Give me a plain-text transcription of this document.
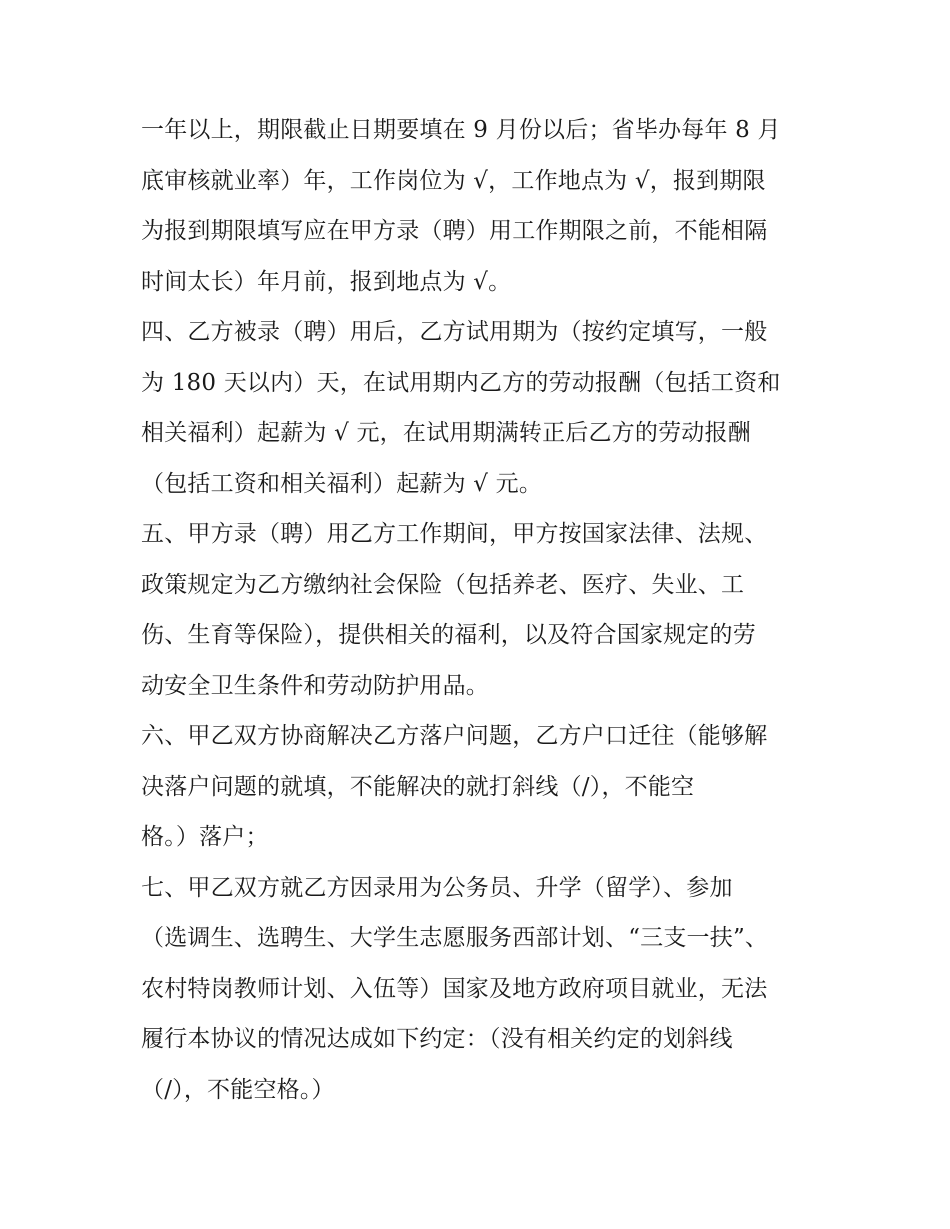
一年以上，期限截止日期要填在 9 月份以后；省毕办每年 8 月
底审核就业率）年，工作岗位为 √，工作地点为 √，报到期限
为报到期限填写应在甲方录（聘）用工作期限之前，不能相隔
时间太长）年月前，报到地点为 √。
四、乙方被录（聘）用后，乙方试用期为（按约定填写，一般
为 180 天以内）天，在试用期内乙方的劳动报酬（包括工资和
相关福利）起薪为 √ 元，在试用期满转正后乙方的劳动报酬
（包括工资和相关福利）起薪为 √ 元。
五、甲方录（聘）用乙方工作期间，甲方按国家法律、法规、
政策规定为乙方缴纳社会保险（包括养老、医疗、失业、工
伤、生育等保险），提供相关的福利，以及符合国家规定的劳
动安全卫生条件和劳动防护用品。
六、甲乙双方协商解决乙方落户问题，乙方户口迁往（能够解
决落户问题的就填，不能解决的就打斜线（/），不能空
格。）落户；
七、甲乙双方就乙方因录用为公务员、升学（留学）、参加
（选调生、选聘生、大学生志愿服务西部计划、“三支一扶”、
农村特岗教师计划、入伍等）国家及地方政府项目就业，无法
履行本协议的情况达成如下约定：（没有相关约定的划斜线
（/），不能空格。）
